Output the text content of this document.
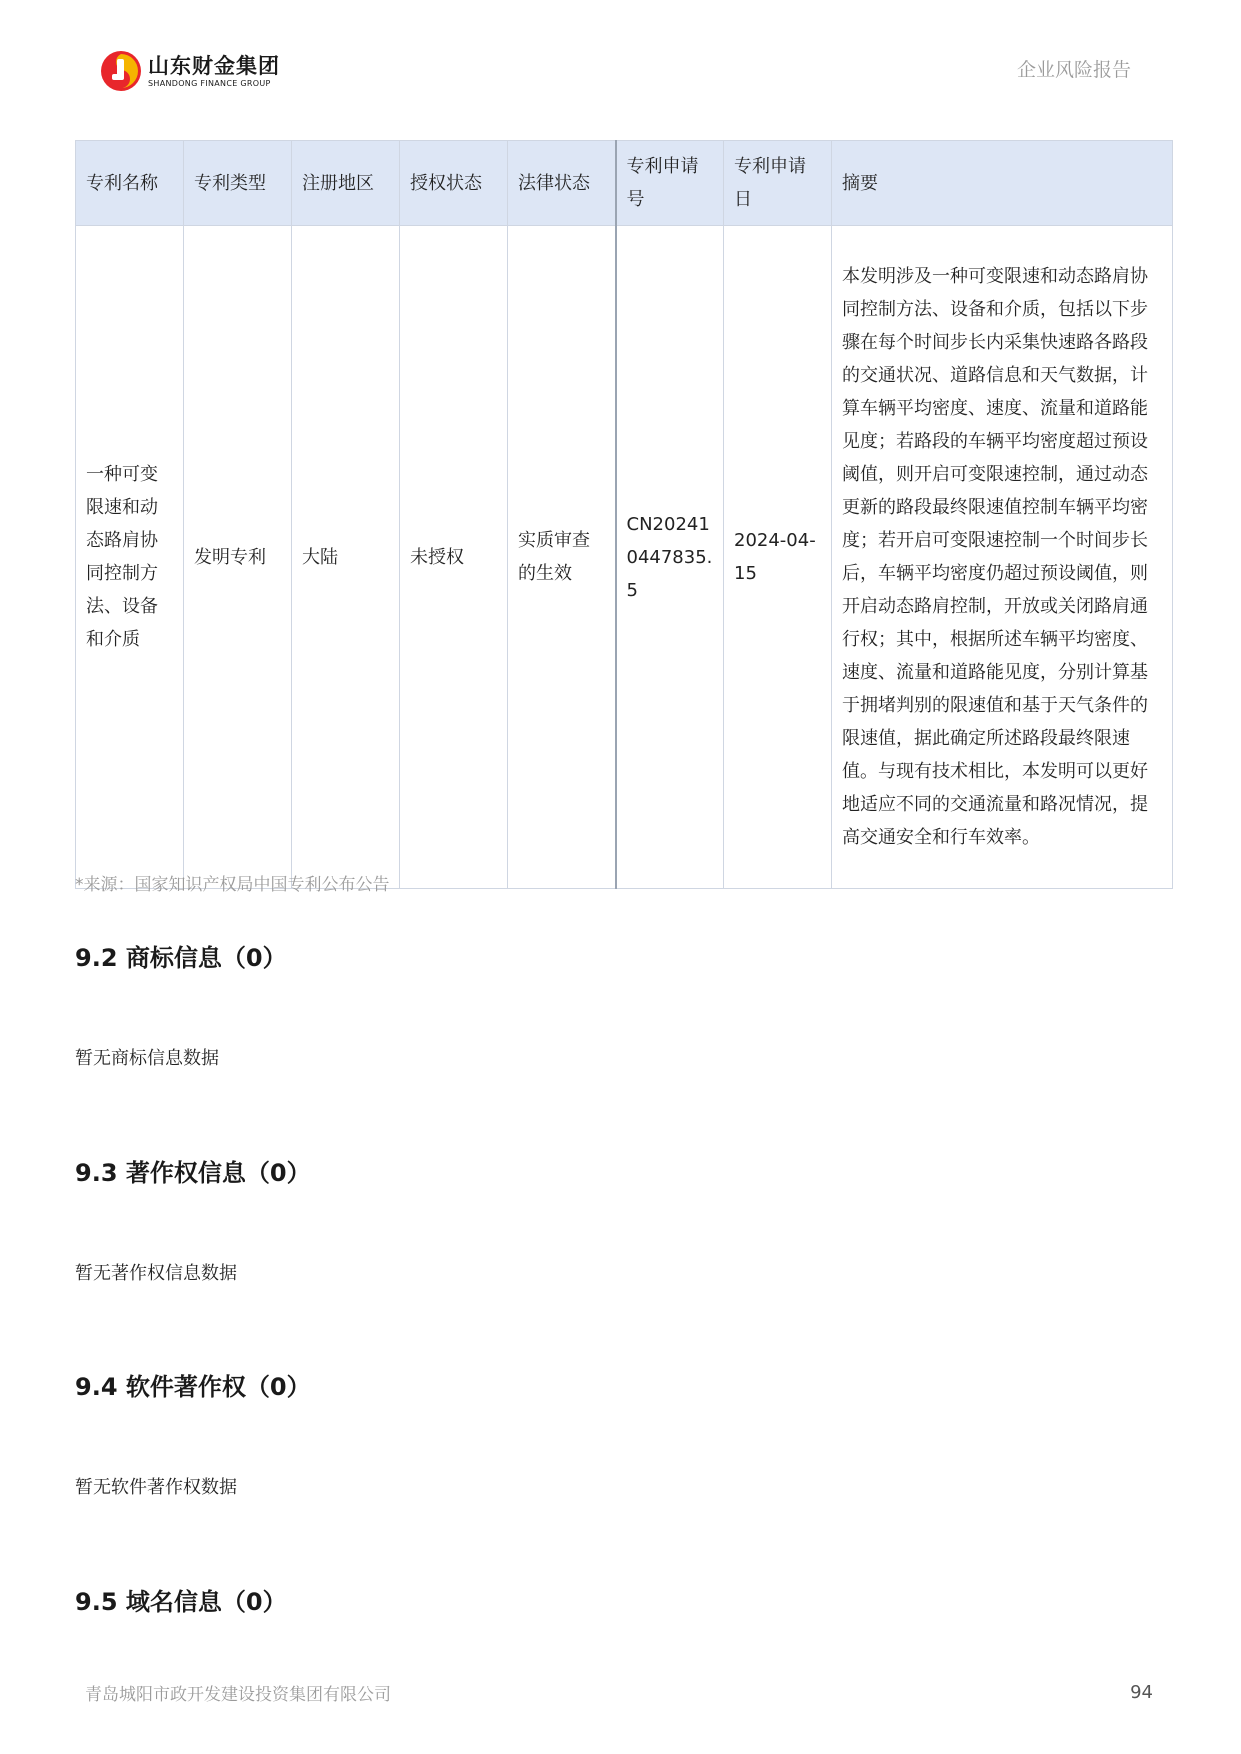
山东财金集团
SHANDONG FINANCE GROUP
企业风险报告
专利名称	专利类型	注册地区	授权状态	法律状态	专利申请号	专利申请日	摘要
一种可变限速和动态路肩协同控制方法、设备和介质	发明专利	大陆	未授权	实质审查的生效	CN202410447835.5	2024-04-15	本发明涉及一种可变限速和动态路肩协同控制方法、设备和介质，包括以下步骤在每个时间步长内采集快速路各路段的交通状况、道路信息和天气数据，计算车辆平均密度、速度、流量和道路能见度；若路段的车辆平均密度超过预设阈值，则开启可变限速控制，通过动态更新的路段最终限速值控制车辆平均密度；若开启可变限速控制一个时间步长后，车辆平均密度仍超过预设阈值，则开启动态路肩控制，开放或关闭路肩通行权；其中，根据所述车辆平均密度、速度、流量和道路能见度，分别计算基于拥堵判别的限速值和基于天气条件的限速值，据此确定所述路段最终限速值。与现有技术相比，本发明可以更好地适应不同的交通流量和路况情况，提高交通安全和行车效率。
*来源：国家知识产权局中国专利公布公告
9.2 商标信息（0）
暂无商标信息数据
9.3 著作权信息（0）
暂无著作权信息数据
9.4 软件著作权（0）
暂无软件著作权数据
9.5 域名信息（0）
青岛城阳市政开发建设投资集团有限公司	94
